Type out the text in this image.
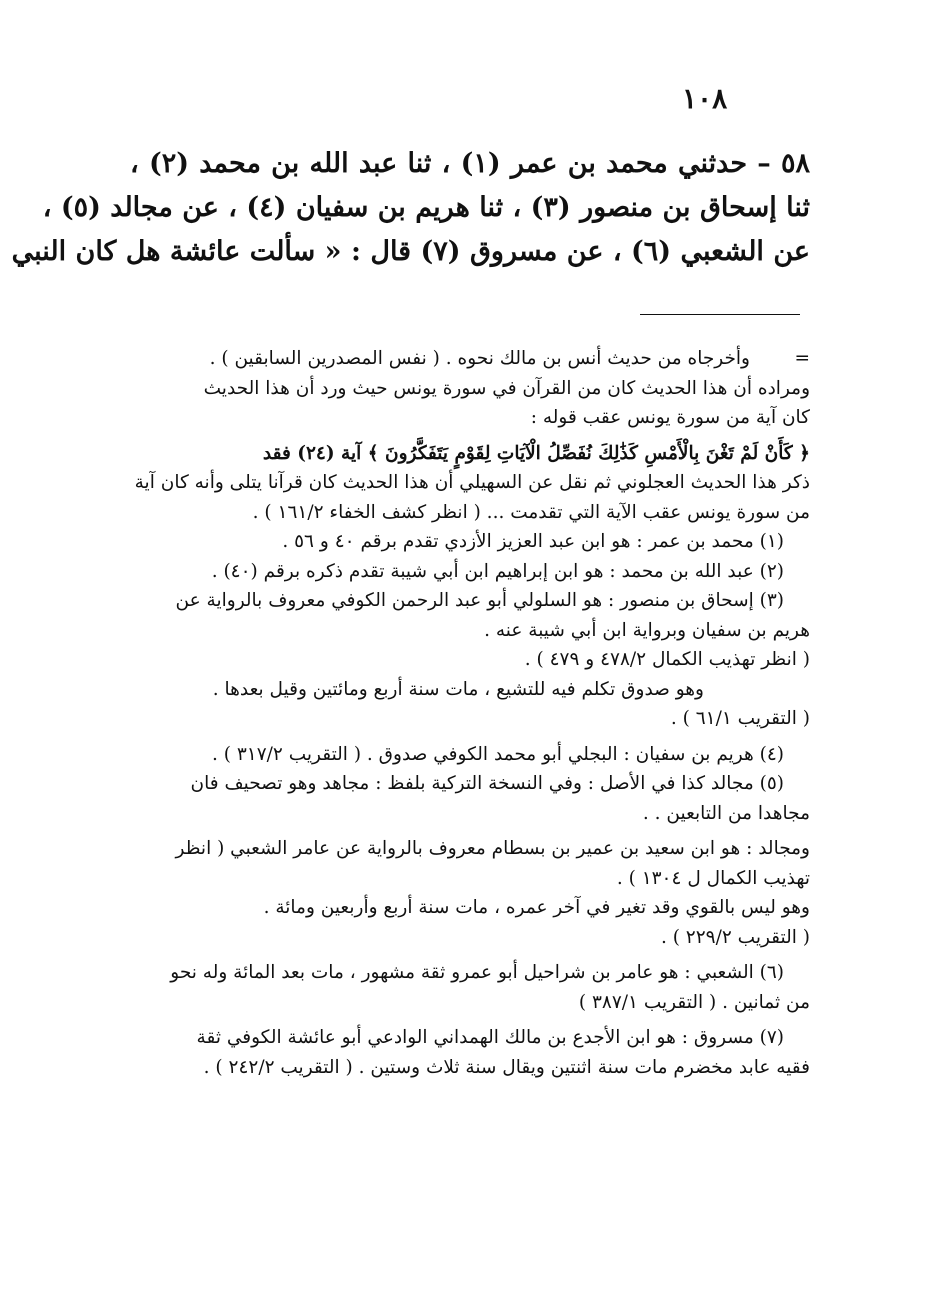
١٠٨
٥٨ – حدثني محمد بن عمر (١) ، ثنا عبد الله بن محمد (٢) ،
ثنا إسحاق بن منصور (٣) ، ثنا هريم بن سفيان (٤) ، عن مجالد (٥) ،
عن الشعبي (٦) ، عن مسروق (٧) قال : « سألت عائشة هل كان النبي
=وأخرجاه من حديث أنس بن مالك نحوه . ( نفس المصدرين السابقين ) .
ومراده أن هذا الحديث كان من القرآن في سورة يونس حيث ورد أن هذا الحديث
كان آية من سورة يونس عقب قوله :
﴿ كَأَنْ لَمْ تَغْنَ بِالْأَمْسِ كَذَٰلِكَ نُفَصِّلُ الْآيَاتِ لِقَوْمٍ يَتَفَكَّرُونَ ﴾ آية (٢٤) فقد
ذكر هذا الحديث العجلوني ثم نقل عن السهيلي أن هذا الحديث كان قرآنا يتلى وأنه كان آية
من سورة يونس عقب الآية التي تقدمت ... ( انظر كشف الخفاء ١٦١/٢ ) .
(١) محمد بن عمر : هو ابن عبد العزيز الأزدي تقدم برقم ٤٠ و ٥٦ .
(٢) عبد الله بن محمد : هو ابن إبراهيم ابن أبي شيبة تقدم ذكره برقم (٤٠) .
(٣) إسحاق بن منصور : هو السلولي أبو عبد الرحمن الكوفي معروف بالرواية عن
هريم بن سفيان وبرواية ابن أبي شيبة عنه .
( انظر تهذيب الكمال ٤٧٨/٢ و ٤٧٩ ) .
وهو صدوق تكلم فيه للتشيع ، مات سنة أربع ومائتين وقيل بعدها .
( التقريب ٦١/١ ) .
(٤) هريم بن سفيان : البجلي أبو محمد الكوفي صدوق . ( التقريب ٣١٧/٢ ) .
(٥) مجالد كذا في الأصل : وفي النسخة التركية بلفظ : مجاهد وهو تصحيف فان
مجاهدا من التابعين . .
ومجالد : هو ابن سعيد بن عمير بن بسطام معروف بالرواية عن عامر الشعبي ( انظر
تهذيب الكمال ل ١٣٠٤ ) .
وهو ليس بالقوي وقد تغير في آخر عمره ، مات سنة أربع وأربعين ومائة .
( التقريب ٢٢٩/٢ ) .
(٦) الشعبي : هو عامر بن شراحيل أبو عمرو ثقة مشهور ، مات بعد المائة وله نحو
من ثمانين . ( التقريب ٣٨٧/١ )
(٧) مسروق : هو ابن الأجدع بن مالك الهمداني الوادعي أبو عائشة الكوفي ثقة
فقيه عابد مخضرم مات سنة اثنتين ويقال سنة ثلاث وستين . ( التقريب ٢٤٢/٢ ) .
